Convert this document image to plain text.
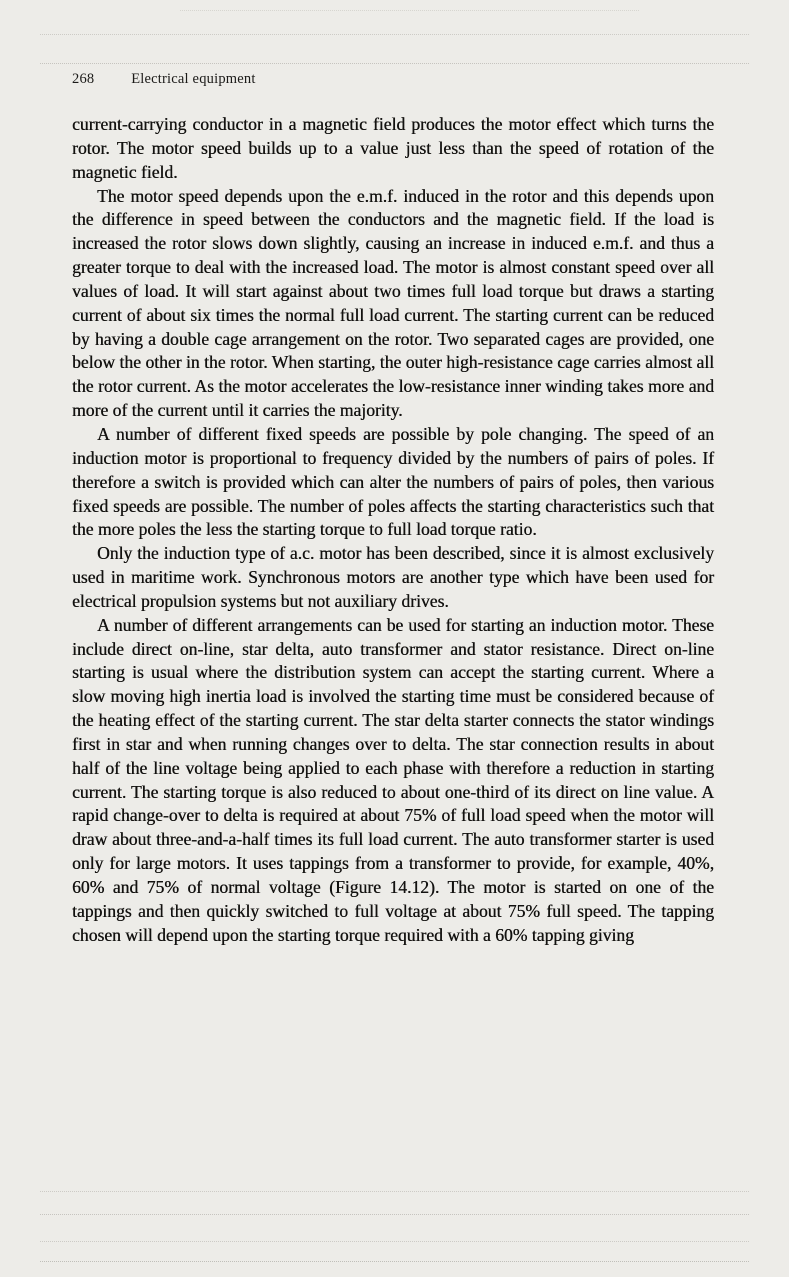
268	Electrical equipment

current-carrying conductor in a magnetic field produces the motor effect which turns the rotor. The motor speed builds up to a value just less than the speed of rotation of the magnetic field.

The motor speed depends upon the e.m.f. induced in the rotor and this depends upon the difference in speed between the conductors and the magnetic field. If the load is increased the rotor slows down slightly, causing an increase in induced e.m.f. and thus a greater torque to deal with the increased load. The motor is almost constant speed over all values of load. It will start against about two times full load torque but draws a starting current of about six times the normal full load current. The starting current can be reduced by having a double cage arrangement on the rotor. Two separated cages are provided, one below the other in the rotor. When starting, the outer high-resistance cage carries almost all the rotor current. As the motor accelerates the low-resistance inner winding takes more and more of the current until it carries the majority.

A number of different fixed speeds are possible by pole changing. The speed of an induction motor is proportional to frequency divided by the numbers of pairs of poles. If therefore a switch is provided which can alter the numbers of pairs of poles, then various fixed speeds are possible. The number of poles affects the starting characteristics such that the more poles the less the starting torque to full load torque ratio.

Only the induction type of a.c. motor has been described, since it is almost exclusively used in maritime work. Synchronous motors are another type which have been used for electrical propulsion systems but not auxiliary drives.

A number of different arrangements can be used for starting an induction motor. These include direct on-line, star delta, auto transformer and stator resistance. Direct on-line starting is usual where the distribution system can accept the starting current. Where a slow moving high inertia load is involved the starting time must be considered because of the heating effect of the starting current. The star delta starter connects the stator windings first in star and when running changes over to delta. The star connection results in about half of the line voltage being applied to each phase with therefore a reduction in starting current. The starting torque is also reduced to about one-third of its direct on line value. A rapid change-over to delta is required at about 75% of full load speed when the motor will draw about three-and-a-half times its full load current. The auto transformer starter is used only for large motors. It uses tappings from a transformer to provide, for example, 40%, 60% and 75% of normal voltage (Figure 14.12). The motor is started on one of the tappings and then quickly switched to full voltage at about 75% full speed. The tapping chosen will depend upon the starting torque required with a 60% tapping giving
